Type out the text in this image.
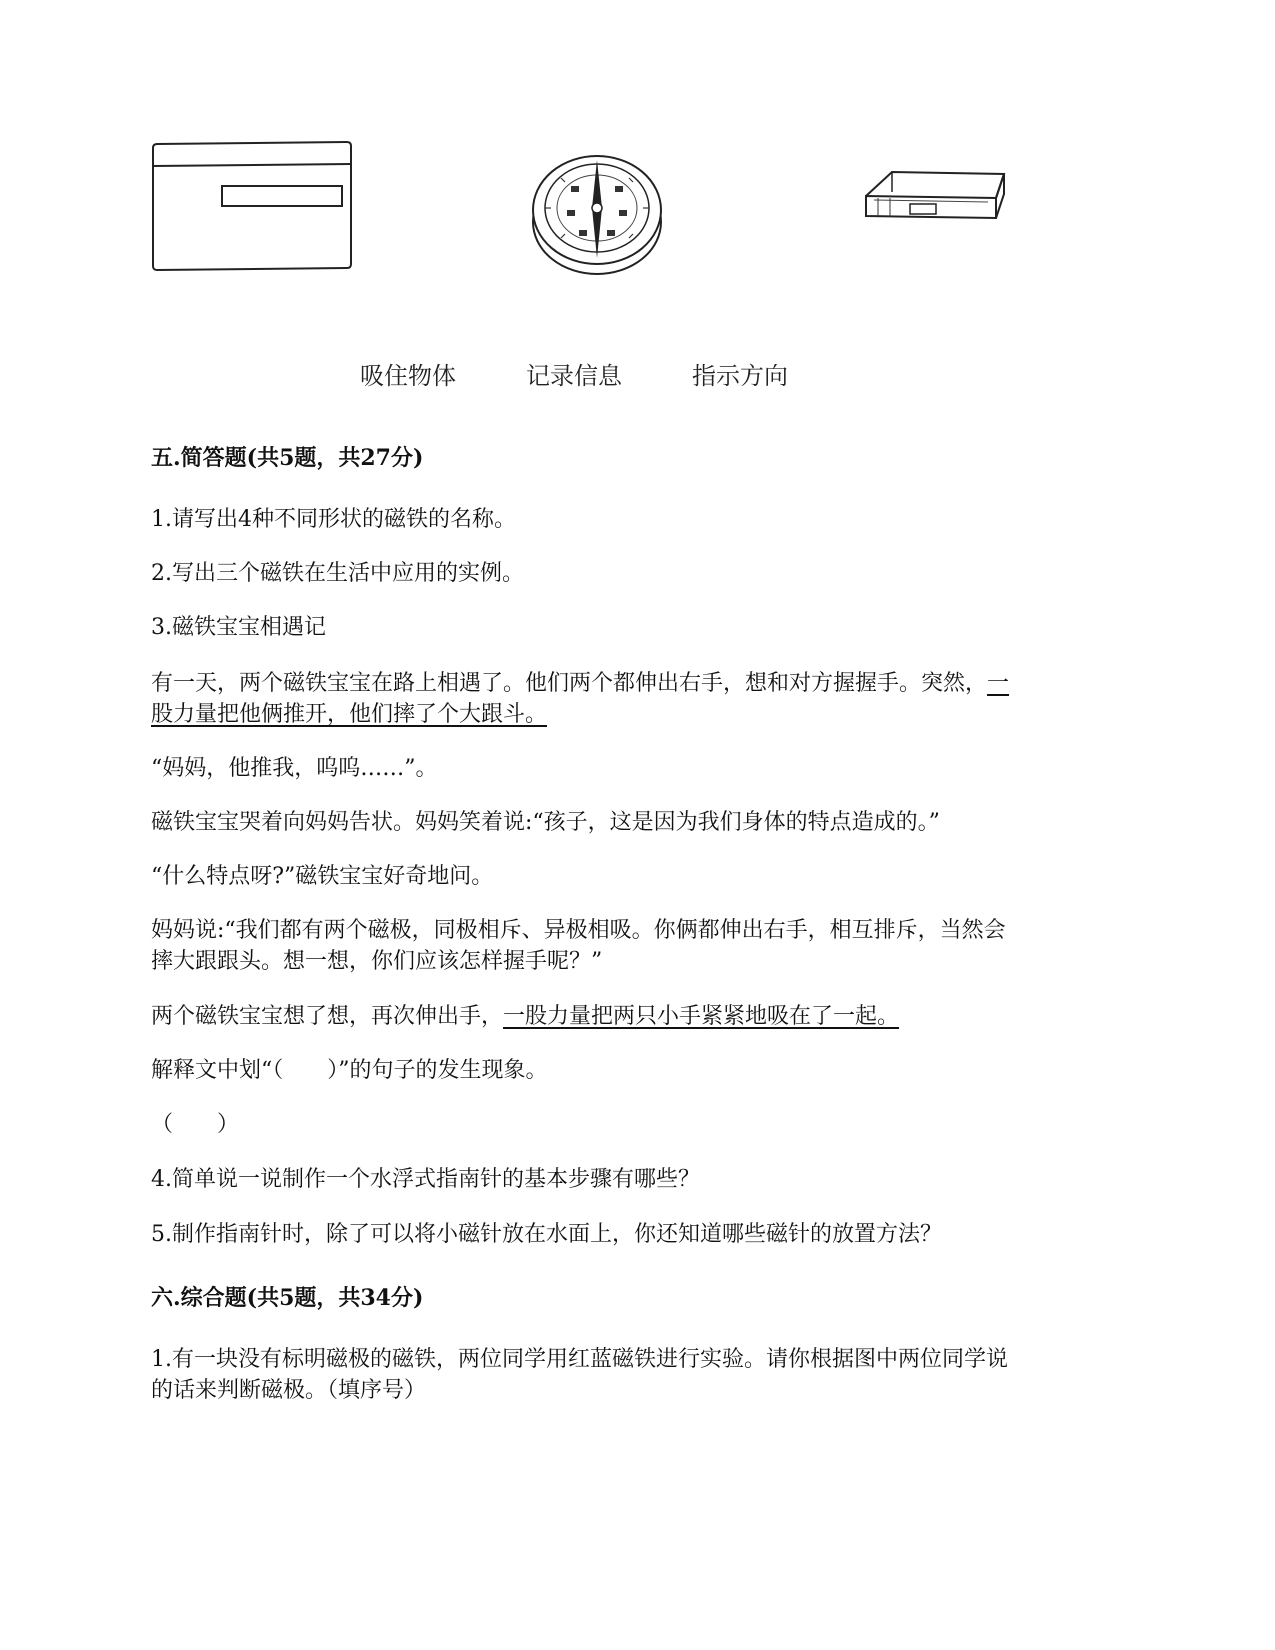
吸住物体	记录信息	指示方向
五.简答题(共5题，共27分)
1.请写出4种不同形状的磁铁的名称。
2.写出三个磁铁在生活中应用的实例。
3.磁铁宝宝相遇记
有一天，两个磁铁宝宝在路上相遇了。他们两个都伸出右手，想和对方握握手。突然，一
股力量把他俩推开，他们摔了个大跟斗。
“妈妈，他推我，呜呜……”。
磁铁宝宝哭着向妈妈告状。妈妈笑着说:“孩子，这是因为我们身体的特点造成的。”
“什么特点呀?”磁铁宝宝好奇地问。
妈妈说:“我们都有两个磁极，同极相斥、异极相吸。你俩都伸出右手，相互排斥，当然会
摔大跟跟头。想一想，你们应该怎样握手呢？”
两个磁铁宝宝想了想，再次伸出手，一股力量把两只小手紧紧地吸在了一起。
解释文中划“（　　）”的句子的发生现象。
（　　）
4.简单说一说制作一个水浮式指南针的基本步骤有哪些？
5.制作指南针时，除了可以将小磁针放在水面上，你还知道哪些磁针的放置方法？
六.综合题(共5题，共34分)
1.有一块没有标明磁极的磁铁，两位同学用红蓝磁铁进行实验。请你根据图中两位同学说
的话来判断磁极。（填序号）
